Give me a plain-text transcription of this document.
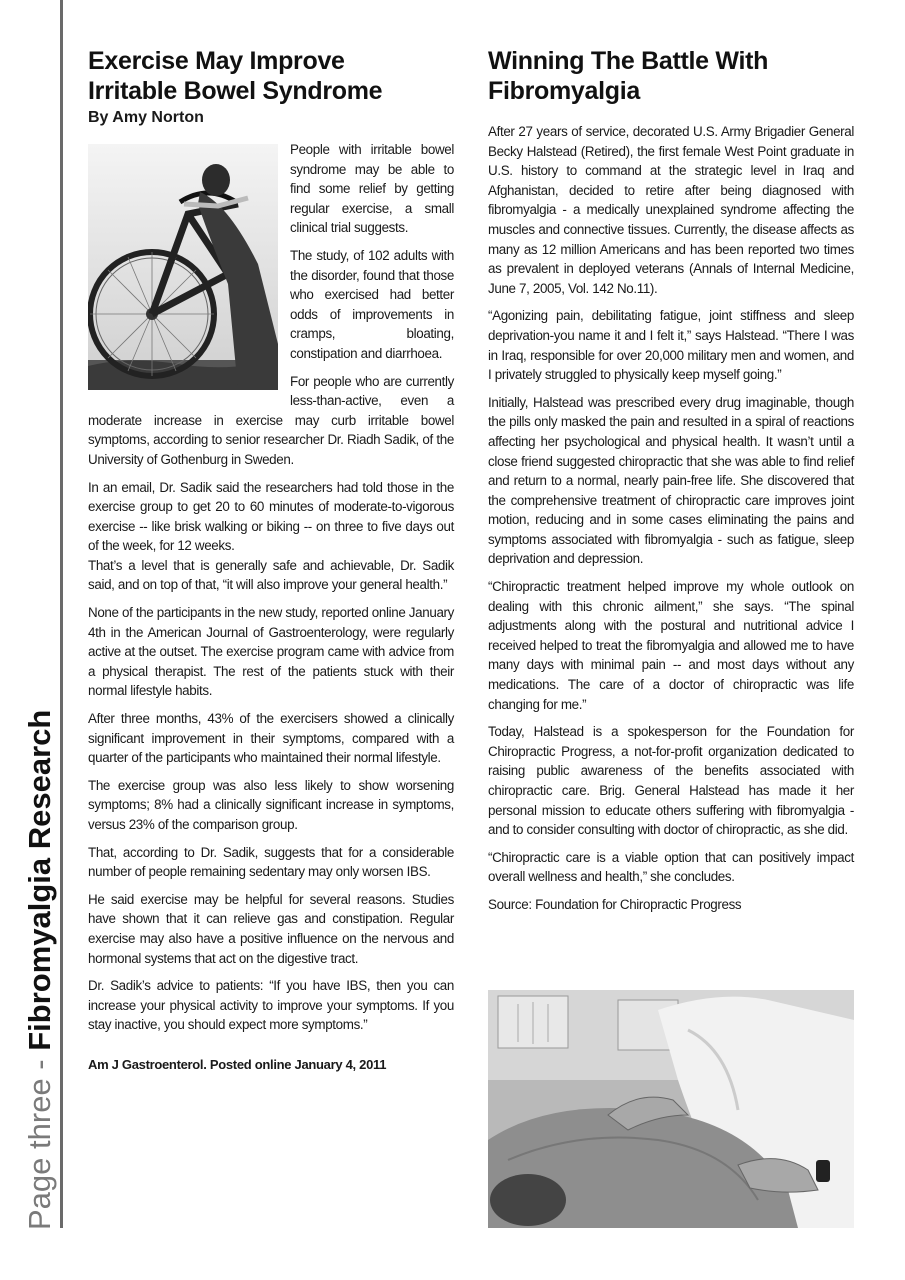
Page three - Fibromyalgia Research
Exercise May Improve
Irritable Bowel Syndrome
By Amy Norton

People with irritable bowel syndrome may be able to find some relief by getting regular exercise, a small clinical trial suggests.

The study, of 102 adults with the disorder, found that those who exercised had better odds of improvements in cramps, bloating, constipation and diarrhoea.

For people who are currently less-than-active, even a moderate increase in exercise may curb irritable bowel symptoms, according to senior researcher Dr. Riadh Sadik, of the University of Gothenburg in Sweden.

In an email, Dr. Sadik said the researchers had told those in the exercise group to get 20 to 60 minutes of moderate-to-vigorous exercise -- like brisk walking or biking -- on three to five days out of the week, for 12 weeks.
That’s a level that is generally safe and achievable, Dr. Sadik said, and on top of that, “it will also improve your general health.”

None of the participants in the new study, reported online January 4th in the American Journal of Gastroenterology, were regularly active at the outset. The exercise program came with advice from a physical therapist. The rest of the patients stuck with their normal lifestyle habits.

After three months, 43% of the exercisers showed a clinically significant improvement in their symptoms, compared with a quarter of the participants who maintained their normal lifestyle.

The exercise group was also less likely to show worsening symptoms; 8% had a clinically significant increase in symptoms, versus 23% of the comparison group.

That, according to Dr. Sadik, suggests that for a considerable number of people remaining sedentary may only worsen IBS.

He said exercise may be helpful for several reasons. Studies have shown that it can relieve gas and constipation. Regular exercise may also have a positive influence on the nervous and hormonal systems that act on the digestive tract.

Dr. Sadik’s advice to patients: “If you have IBS, then you can increase your physical activity to improve your symptoms. If you stay inactive, you should expect more symptoms.”

Am J Gastroenterol. Posted online January 4, 2011
Winning The Battle With
Fibromyalgia

After 27 years of service, decorated U.S. Army Brigadier General Becky Halstead (Retired), the first female West Point graduate in U.S. history to command at the strategic level in Iraq and Afghanistan, decided to retire after being diagnosed with fibromyalgia - a medically unexplained syndrome affecting the muscles and connective tissues. Currently, the disease affects as many as 12 million Americans and has been reported two times as prevalent in deployed veterans (Annals of Internal Medicine, June 7, 2005, Vol. 142 No.11).

“Agonizing pain, debilitating fatigue, joint stiffness and sleep deprivation-you name it and I felt it,” says Halstead. “There I was in Iraq, responsible for over 20,000 military men and women, and I privately struggled to physically keep myself going.”

Initially, Halstead was prescribed every drug imaginable, though the pills only masked the pain and resulted in a spiral of reactions affecting her psychological and physical health. It wasn’t until a close friend suggested chiropractic that she was able to find relief and return to a normal, nearly pain-free life. She discovered that the comprehensive treatment of chiropractic care improves joint motion, reducing and in some cases eliminating the pains and symptoms associated with fibromyalgia - such as fatigue, sleep deprivation and depression.

“Chiropractic treatment helped improve my whole outlook on dealing with this chronic ailment,” she says. “The spinal adjustments along with the postural and nutritional advice I received helped to treat the fibromyalgia and allowed me to have many days with minimal pain -- and most days without any medications. The care of a doctor of chiropractic was life changing for me.”

Today, Halstead is a spokesperson for the Foundation for Chiropractic Progress, a not-for-profit organization dedicated to raising public awareness of the benefits associated with chiropractic care. Brig. General Halstead has made it her personal mission to educate others suffering with fibromyalgia - and to consider consulting with doctor of chiropractic, as she did.

“Chiropractic care is a viable option that can positively impact overall wellness and health,” she concludes.

Source: Foundation for Chiropractic Progress
